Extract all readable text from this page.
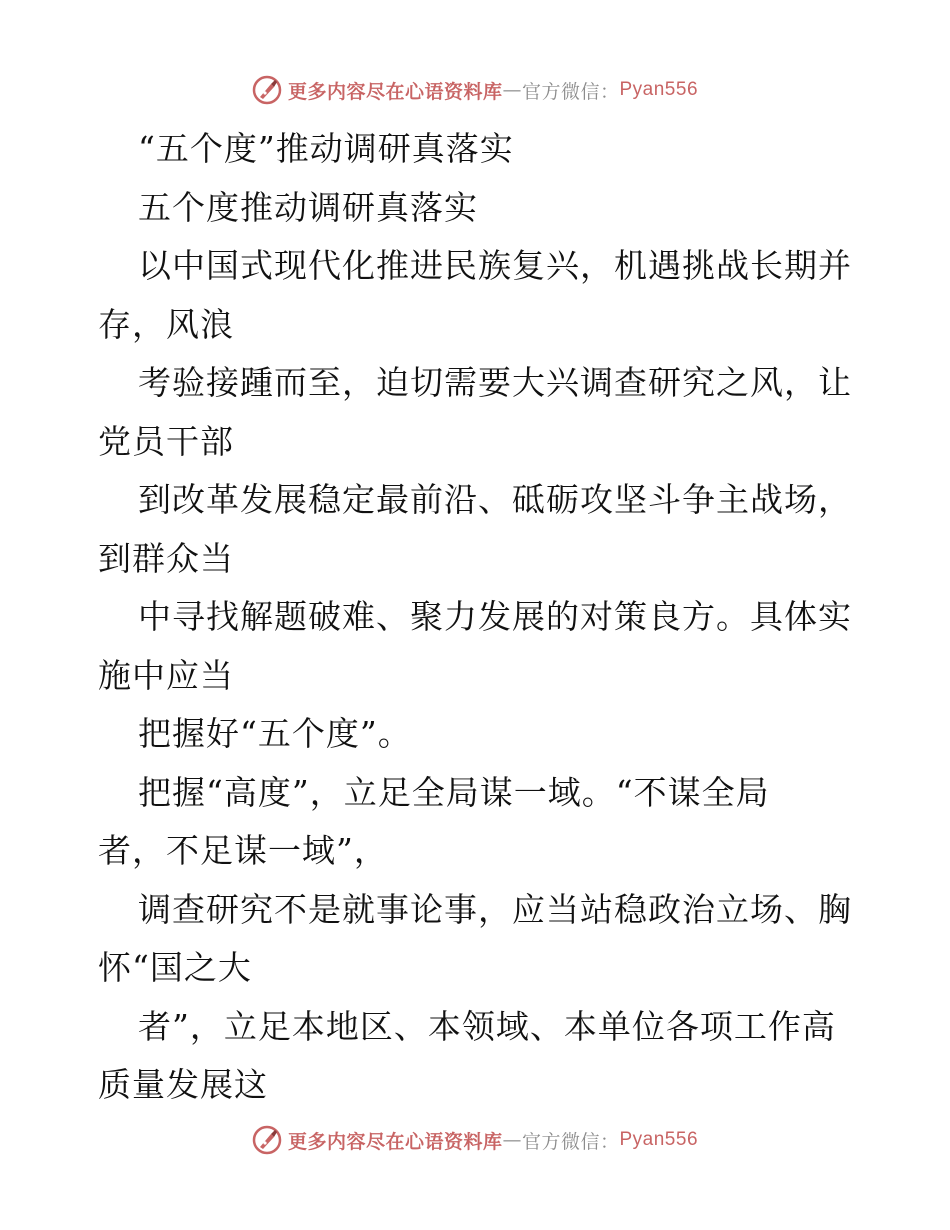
更多内容尽在心语资料库 — 官方微信： Pyan556
“五个度”推动调研真落实
五个度推动调研真落实
以中国式现代化推进民族复兴，机遇挑战长期并
存，风浪
考验接踵而至，迫切需要大兴调查研究之风，让
党员干部
到改革发展稳定最前沿、砥砺攻坚斗争主战场，
到群众当
中寻找解题破难、聚力发展的对策良方。具体实
施中应当
把握好“五个度”。
把握“高度”，立足全局谋一域。“不谋全局
者，不足谋一域”，
调查研究不是就事论事，应当站稳政治立场、胸
怀“国之大
者”，立足本地区、本领域、本单位各项工作高
质量发展这
更多内容尽在心语资料库 — 官方微信： Pyan556
